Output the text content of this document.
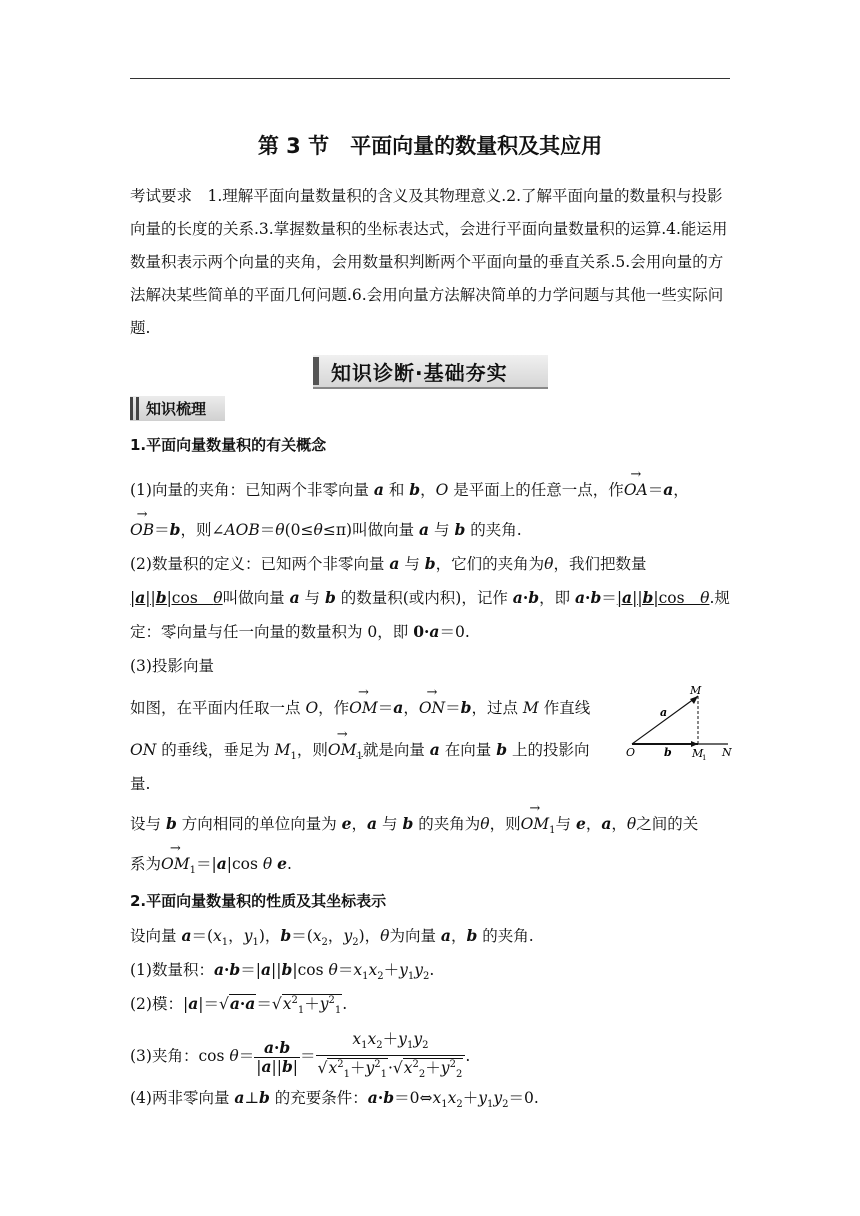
第 3 节　平面向量的数量积及其应用
考试要求　1.理解平面向量数量积的含义及其物理意义.2.了解平面向量的数量积与投影向量的长度的关系.3.掌握数量积的坐标表达式，会进行平面向量数量积的运算.4.能运用数量积表示两个向量的夹角，会用数量积判断两个平面向量的垂直关系.5.会用向量的方法解决某些简单的平面几何问题.6.会用向量方法解决简单的力学问题与其他一些实际问题.
知识诊断·基础夯实
知识梳理
1.平面向量数量积的有关概念
(1)向量的夹角：已知两个非零向量 a 和 b，O 是平面上的任意一点，作→ OA＝a，
→ OB＝b，则∠AOB＝θ(0≤θ≤π)叫做向量 a 与 b 的夹角.
(2)数量积的定义：已知两个非零向量 a 与 b，它们的夹角为θ，我们把数量
|a||b|cos　θ叫做向量 a 与 b 的数量积(或内积)，记作 a·b，即 a·b＝|a||b|cos　θ.规
定：零向量与任一向量的数量积为 0，即 0·a＝0.
(3)投影向量
如图，在平面内任取一点 O，作→ OM＝a，→ ON＝b，过点 M 作直线
ON 的垂线，垂足为 $M_1$，则→ $OM_1$就是向量 a 在向量 b 上的投影向
量.
M
O	N
M
1
a
b
设与 b 方向相同的单位向量为 e，a 与 b 的夹角为θ，则→ $OM_1$与 e，a，θ之间的关
系为→ $OM_1=|a|\cos$ θ e.
2.平面向量数量积的性质及其坐标表示
设向量 $a=(x_1$，$y_1$)，$b=(x_2$，$y_2$)，θ为向量 a，b 的夹角.
(1)数量积：a·b＝|a||b|cos $\theta=x_1x_2+y_1y_2$.
(2)模：$|a|=√a\cdot a=√x^2_1+y^2_1$.
(3)夹角：$\cos \theta= \frac{a\cdot b}{|a||b|} = \frac{x_1x_2+y_1y_2}{√x^2_1+y^2_1\cdot√x^2_2+y^2_2}$ .
(4)两非零向量 a⊥b 的充要条件：$a\cdot b=0\Leftrightarrow x_1x_2+y_1y_2=0$.
